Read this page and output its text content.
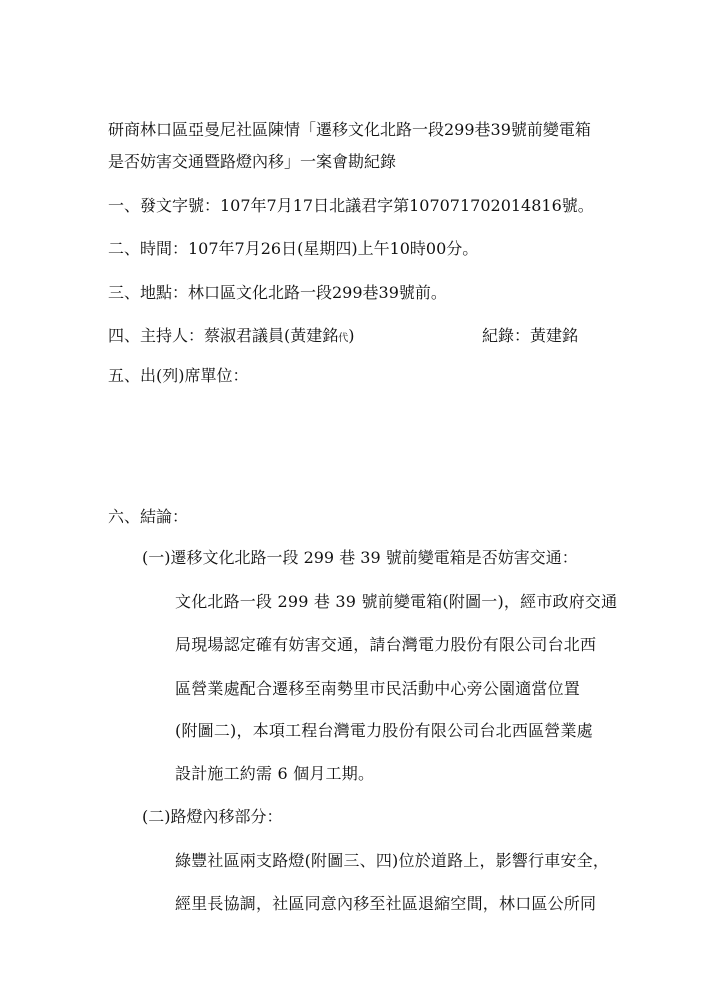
研商林口區亞曼尼社區陳情「遷移文化北路一段299巷39號前變電箱
是否妨害交通暨路燈內移」一案會勘紀錄
一、發文字號：107年7月17日北議君字第107071702014816號。
二、時間：107年7月26日(星期四)上午10時00分。
三、地點：林口區文化北路一段299巷39號前。
四、主持人：蔡淑君議員(黃建銘代)	紀錄：黃建銘
五、出(列)席單位：
六、結論：
(一)遷移文化北路一段 299 巷 39 號前變電箱是否妨害交通：
文化北路一段 299 巷 39 號前變電箱(附圖一)，經市政府交通
局現場認定確有妨害交通，請台灣電力股份有限公司台北西
區營業處配合遷移至南勢里市民活動中心旁公園適當位置
(附圖二)，本項工程台灣電力股份有限公司台北西區營業處
設計施工約需 6 個月工期。
(二)路燈內移部分：
綠豐社區兩支路燈(附圖三、四)位於道路上，影響行車安全，
經里長協調，社區同意內移至社區退縮空間，林口區公所同
